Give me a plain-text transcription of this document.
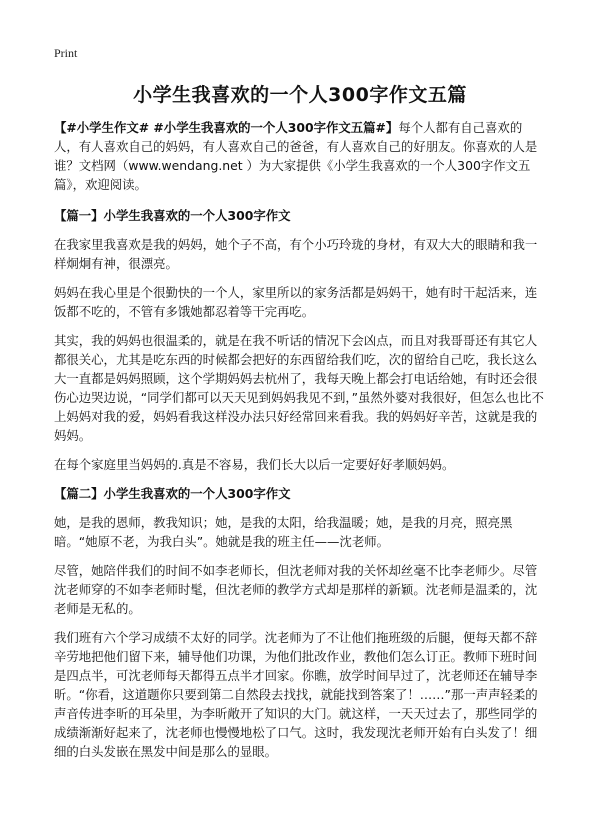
Print
小学生我喜欢的一个人300字作文五篇
【#小学生作文# #小学生我喜欢的一个人300字作文五篇#】每个人都有自己喜欢的人，有人喜欢自己的妈妈，有人喜欢自己的爸爸，有人喜欢自己的好朋友。你喜欢的人是谁？文档网（www.wendang.net ）为大家提供《小学生我喜欢的一个人300字作文五篇》，欢迎阅读。
【篇一】小学生我喜欢的一个人300字作文

在我家里我喜欢是我的妈妈，她个子不高，有个小巧玲珑的身材，有双大大的眼睛和我一样炯炯有神，很漂亮。

妈妈在我心里是个很勤快的一个人，家里所以的家务活都是妈妈干，她有时干起活来，连饭都不吃的，不管有多饿她都忍着等干完再吃。

其实，我的妈妈也很温柔的，就是在我不听话的情况下会凶点，而且对我哥哥还有其它人都很关心，尤其是吃东西的时候都会把好的东西留给我们吃，次的留给自己吃，我长这么大一直都是妈妈照顾，这个学期妈妈去杭州了，我每天晚上都会打电话给她，有时还会很伤心边哭边说，“同学们都可以天天见到妈妈我见不到，”虽然外婆对我很好，但怎么也比不上妈妈对我的爱，妈妈看我这样没办法只好经常回来看我。我的妈妈好辛苦，这就是我的妈妈。

在每个家庭里当妈妈的.真是不容易，我们长大以后一定要好好孝顺妈妈。

【篇二】小学生我喜欢的一个人300字作文

她，是我的恩师，教我知识；她，是我的太阳，给我温暖；她，是我的月亮，照亮黑暗。“她原不老，为我白头”。她就是我的班主任——沈老师。

尽管，她陪伴我们的时间不如李老师长，但沈老师对我的关怀却丝毫不比李老师少。尽管沈老师穿的不如李老师时髦，但沈老师的教学方式却是那样的新颖。沈老师是温柔的，沈老师是无私的。

我们班有六个学习成绩不太好的同学。沈老师为了不让他们拖班级的后腿，便每天都不辞辛劳地把他们留下来，辅导他们功课，为他们批改作业，教他们怎么订正。教师下班时间是四点半，可沈老师每天都得五点半才回家。你瞧，放学时间早过了，沈老师还在辅导李昕。“你看，这道题你只要到第二自然段去找找，就能找到答案了！……”那一声声轻柔的声音传进李昕的耳朵里，为李昕敞开了知识的大门。就这样，一天天过去了，那些同学的成绩渐渐好起来了，沈老师也慢慢地松了口气。这时，我发现沈老师开始有白头发了！细细的白头发嵌在黑发中间是那么的显眼。
